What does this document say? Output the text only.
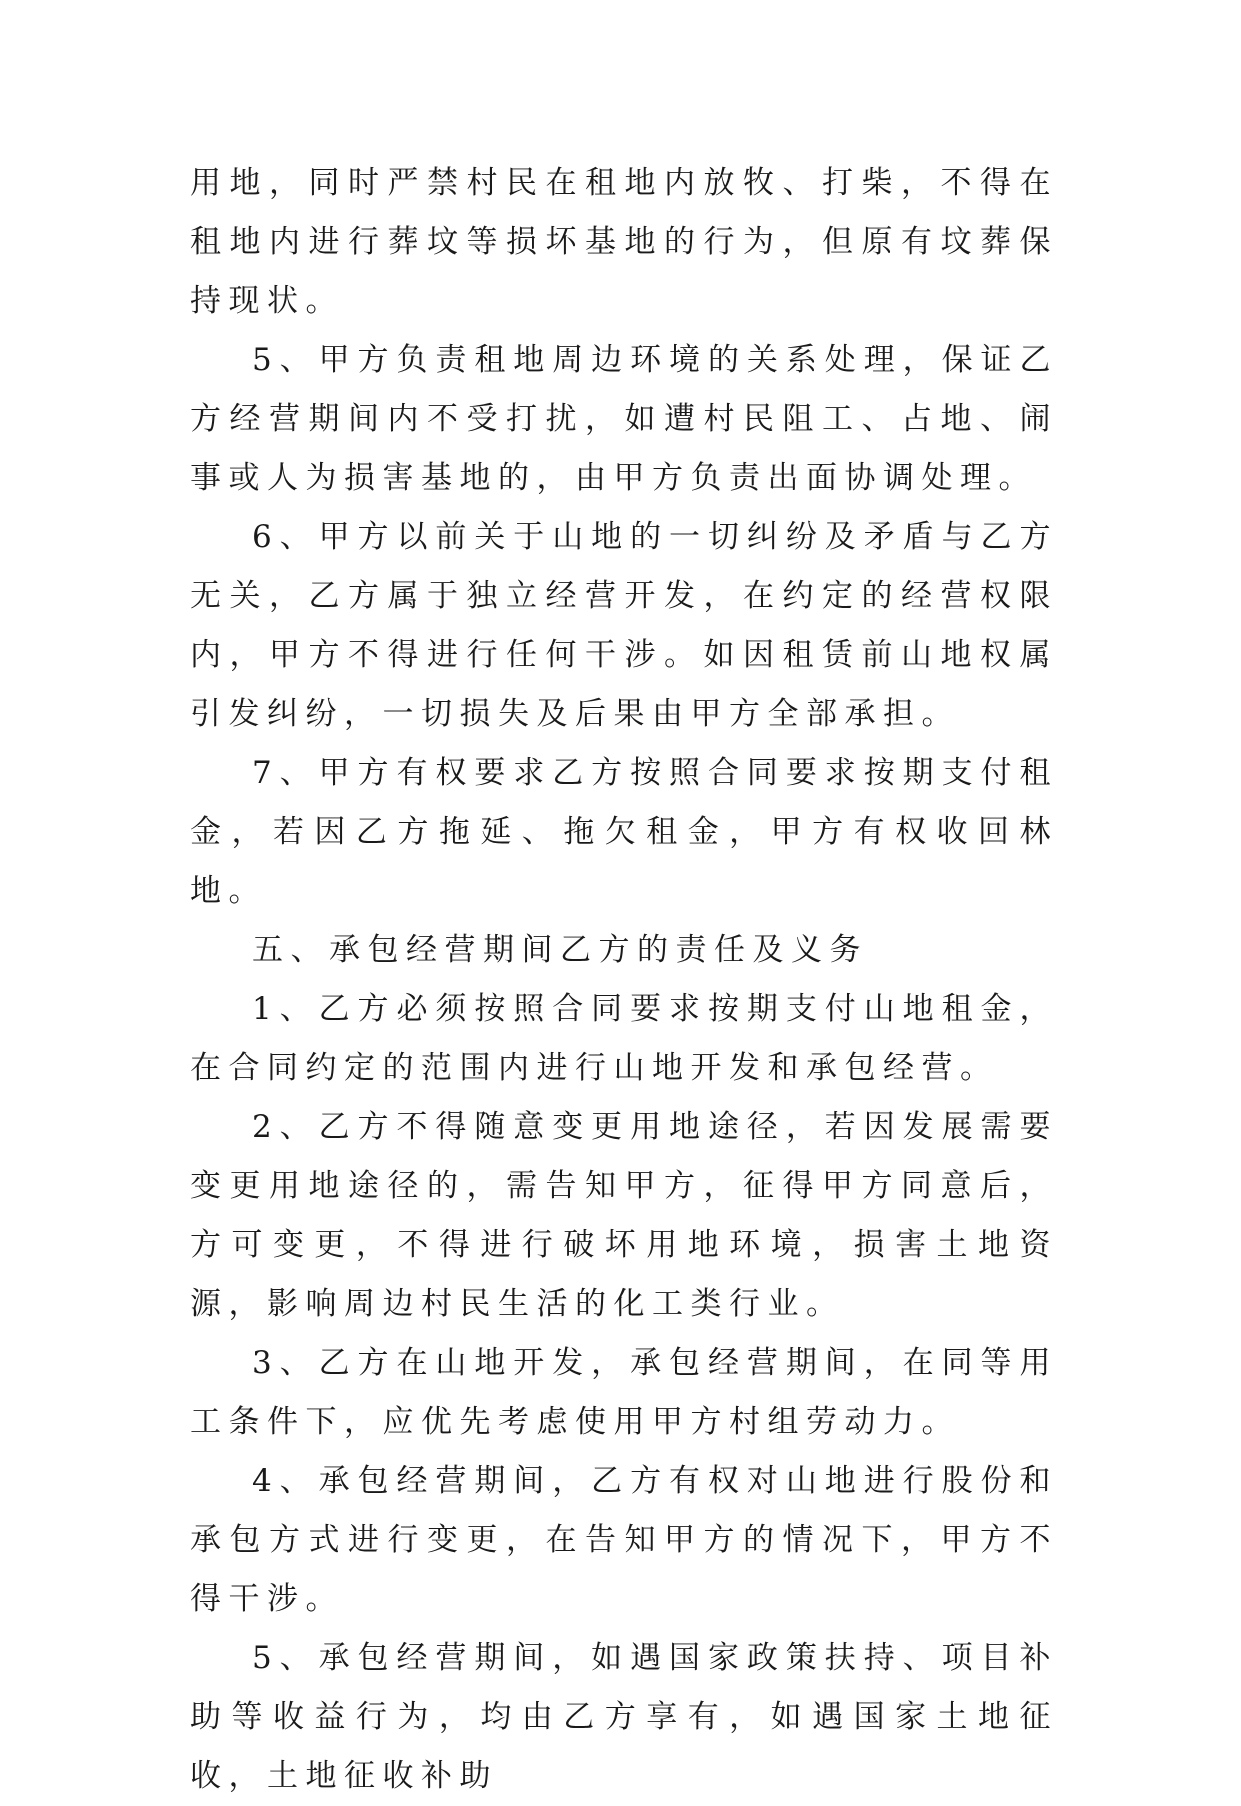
用地，同时严禁村民在租地内放牧、打柴，不得在租地内进行葬坟等损坏基地的行为，但原有坟葬保持现状。

5、甲方负责租地周边环境的关系处理，保证乙方经营期间内不受打扰，如遭村民阻工、占地、闹事或人为损害基地的，由甲方负责出面协调处理。

6、甲方以前关于山地的一切纠纷及矛盾与乙方无关，乙方属于独立经营开发，在约定的经营权限内，甲方不得进行任何干涉。如因租赁前山地权属引发纠纷，一切损失及后果由甲方全部承担。

7、甲方有权要求乙方按照合同要求按期支付租金，若因乙方拖延、拖欠租金，甲方有权收回林地。

五、承包经营期间乙方的责任及义务

1、乙方必须按照合同要求按期支付山地租金，在合同约定的范围内进行山地开发和承包经营。

2、乙方不得随意变更用地途径，若因发展需要变更用地途径的，需告知甲方，征得甲方同意后，方可变更，不得进行破坏用地环境，损害土地资源，影响周边村民生活的化工类行业。

3、乙方在山地开发，承包经营期间，在同等用工条件下，应优先考虑使用甲方村组劳动力。

4、承包经营期间，乙方有权对山地进行股份和承包方式进行变更，在告知甲方的情况下，甲方不得干涉。

5、承包经营期间，如遇国家政策扶持、项目补助等收益行为，均由乙方享有，如遇国家土地征收，土地征收补助
